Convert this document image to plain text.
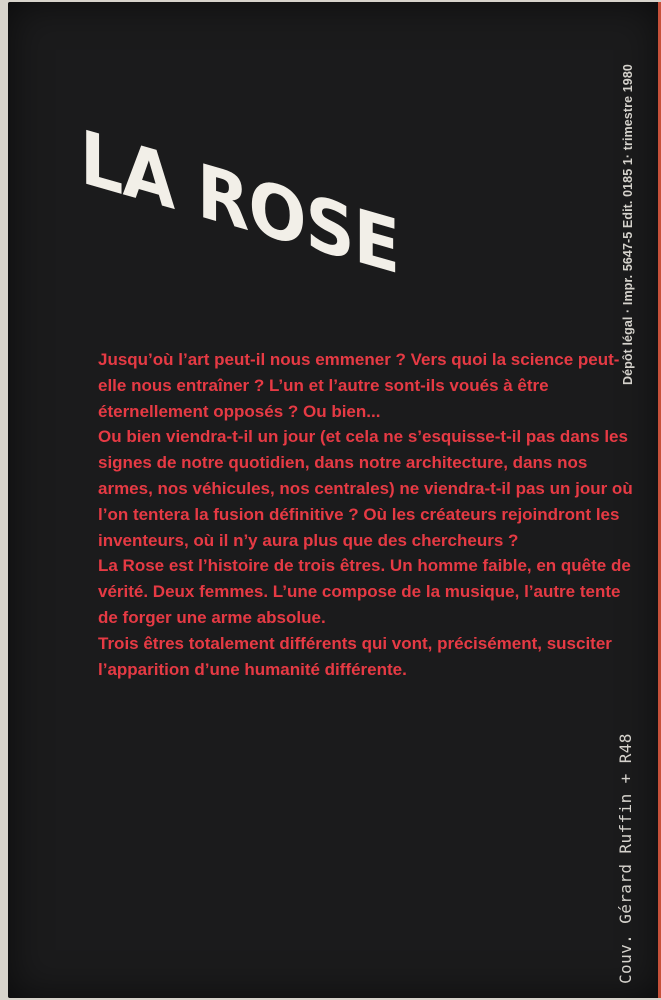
LA ROSE

Jusqu’où l’art peut-il nous emmener ? Vers quoi la science peut-elle nous entraîner ? L’un et l’autre sont-ils voués à être éternellement opposés ? Ou bien...

Ou bien viendra-t-il un jour (et cela ne s’esquisse-t-il pas dans les signes de notre quotidien, dans notre architecture, dans nos armes, nos véhicules, nos centrales) ne viendra-t-il pas un jour où l’on tentera la fusion définitive ? Où les créateurs rejoindront les inventeurs, où il n’y aura plus que des chercheurs ?

La Rose est l’histoire de trois êtres. Un homme faible, en quête de vérité. Deux femmes. L’une compose de la musique, l’autre tente de forger une arme absolue.

Trois êtres totalement différents qui vont, précisément, susciter l’apparition d’une humanité différente.

Dépôt légal · Impr. 5647-5 Edit. 0185 1· trimestre 1980
Couv. Gérard Ruffin + R48
